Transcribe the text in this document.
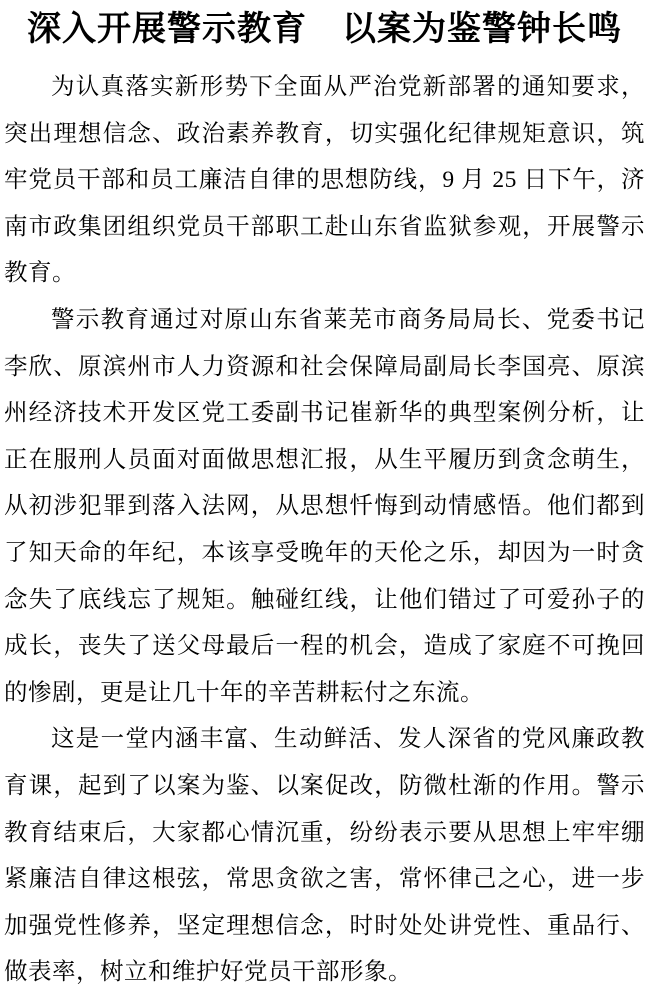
深入开展警示教育　以案为鉴警钟长鸣
为认真落实新形势下全面从严治党新部署的通知要求，
突出理想信念、政治素养教育，切实强化纪律规矩意识，筑
牢党员干部和员工廉洁自律的思想防线，9 月 25 日下午，济
南市政集团组织党员干部职工赴山东省监狱参观，开展警示
教育。
警示教育通过对原山东省莱芜市商务局局长、党委书记
李欣、原滨州市人力资源和社会保障局副局长李国亮、原滨
州经济技术开发区党工委副书记崔新华的典型案例分析，让
正在服刑人员面对面做思想汇报，从生平履历到贪念萌生，
从初涉犯罪到落入法网，从思想忏悔到动情感悟。他们都到
了知天命的年纪，本该享受晚年的天伦之乐，却因为一时贪
念失了底线忘了规矩。触碰红线，让他们错过了可爱孙子的
成长，丧失了送父母最后一程的机会，造成了家庭不可挽回
的惨剧，更是让几十年的辛苦耕耘付之东流。
这是一堂内涵丰富、生动鲜活、发人深省的党风廉政教
育课，起到了以案为鉴、以案促改，防微杜渐的作用。警示
教育结束后，大家都心情沉重，纷纷表示要从思想上牢牢绷
紧廉洁自律这根弦，常思贪欲之害，常怀律己之心，进一步
加强党性修养，坚定理想信念，时时处处讲党性、重品行、
做表率，树立和维护好党员干部形象。
